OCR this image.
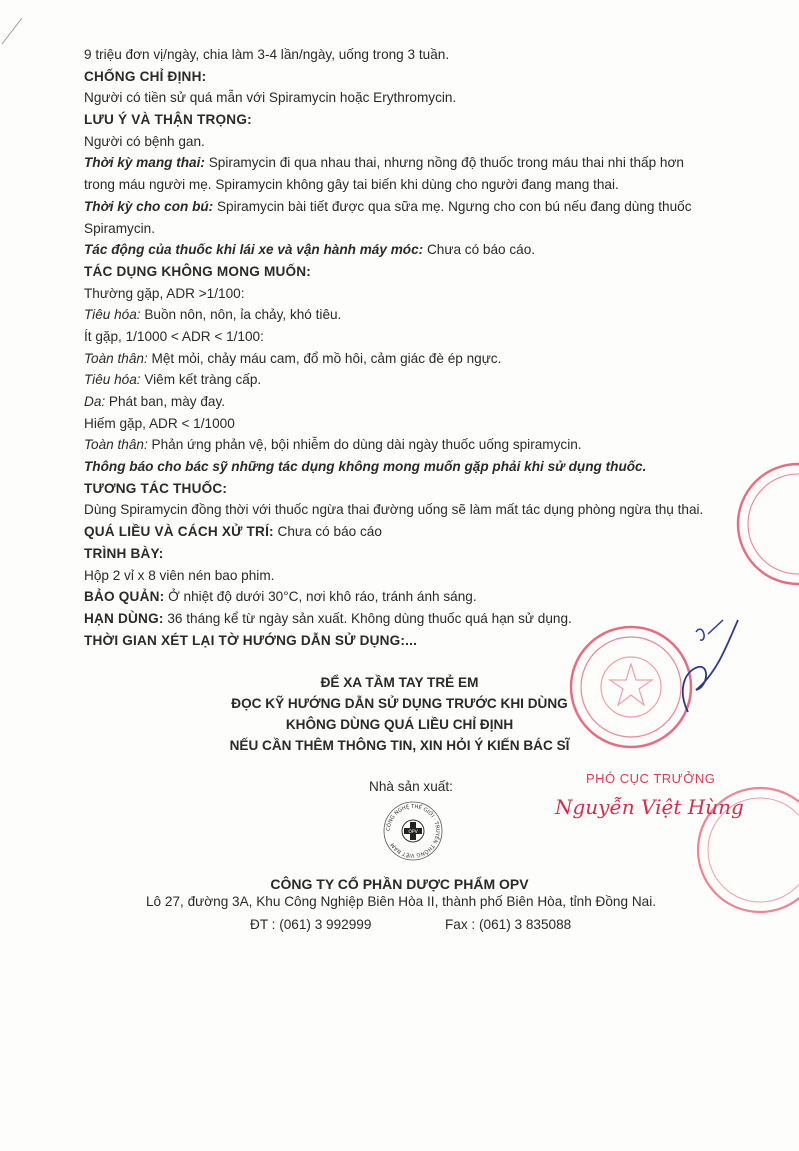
9 triệu đơn vị/ngày, chia làm 3-4 lần/ngày, uống trong 3 tuần.
CHỐNG CHỈ ĐỊNH:
Người có tiền sử quá mẫn với Spiramycin hoặc Erythromycin.
LƯU Ý VÀ THẬN TRỌNG:
Người có bệnh gan.
Thời kỳ mang thai: Spiramycin đi qua nhau thai, nhưng nồng độ thuốc trong máu thai nhi thấp hơn
trong máu người mẹ. Spiramycin không gây tai biến khi dùng cho người đang mang thai.
Thời kỳ cho con bú: Spiramycin bài tiết được qua sữa mẹ. Ngưng cho con bú nếu đang dùng thuốc
Spiramycin.
Tác động của thuốc khi lái xe và vận hành máy móc: Chưa có báo cáo.
TÁC DỤNG KHÔNG MONG MUỐN:
Thường gặp, ADR >1/100:
Tiêu hóa: Buồn nôn, nôn, ỉa chảy, khó tiêu.
Ít gặp, 1/1000 < ADR < 1/100:
Toàn thân: Mệt mỏi, chảy máu cam, đổ mồ hôi, cảm giác đè ép ngực.
Tiêu hóa: Viêm kết tràng cấp.
Da: Phát ban, mày đay.
Hiếm gặp, ADR < 1/1000
Toàn thân: Phản ứng phản vệ, bội nhiễm do dùng dài ngày thuốc uống spiramycin.
Thông báo cho bác sỹ những tác dụng không mong muốn gặp phải khi sử dụng thuốc.
TƯƠNG TÁC THUỐC:
Dùng Spiramycin đồng thời với thuốc ngừa thai đường uống sẽ làm mất tác dụng phòng ngừa thụ thai.
QUÁ LIỀU VÀ CÁCH XỬ TRÍ: Chưa có báo cáo
TRÌNH BÀY:
Hộp 2 vỉ x 8 viên nén bao phim.
BẢO QUẢN: Ở nhiệt độ dưới 30°C, nơi khô ráo, tránh ánh sáng.
HẠN DÙNG: 36 tháng kể từ ngày sản xuất. Không dùng thuốc quá hạn sử dụng.
THỜI GIAN XÉT LẠI TỜ HƯỚNG DẪN SỬ DỤNG:...
ĐỂ XA TẦM TAY TRẺ EM
ĐỌC KỸ HƯỚNG DẪN SỬ DỤNG TRƯỚC KHI DÙNG
KHÔNG DÙNG QUÁ LIỀU CHỈ ĐỊNH
NẾU CẦN THÊM THÔNG TIN, XIN HỎI Ý KIẾN BÁC SĨ
Nhà sản xuất:
CÔNG NGHỆ THẾ GIỚI · TRUYỀN THỐNG VIỆT NAM
OPV
CÔNG TY CỔ PHẦN DƯỢC PHẨM OPV
Lô 27, đường 3A, Khu Công Nghiệp Biên Hòa II, thành phố Biên Hòa, tỉnh Đồng Nai.
ĐT : (061) 3 992999	Fax : (061) 3 835088
PHÓ CỤC TRƯỞNG
Nguyễn Việt Hùng
